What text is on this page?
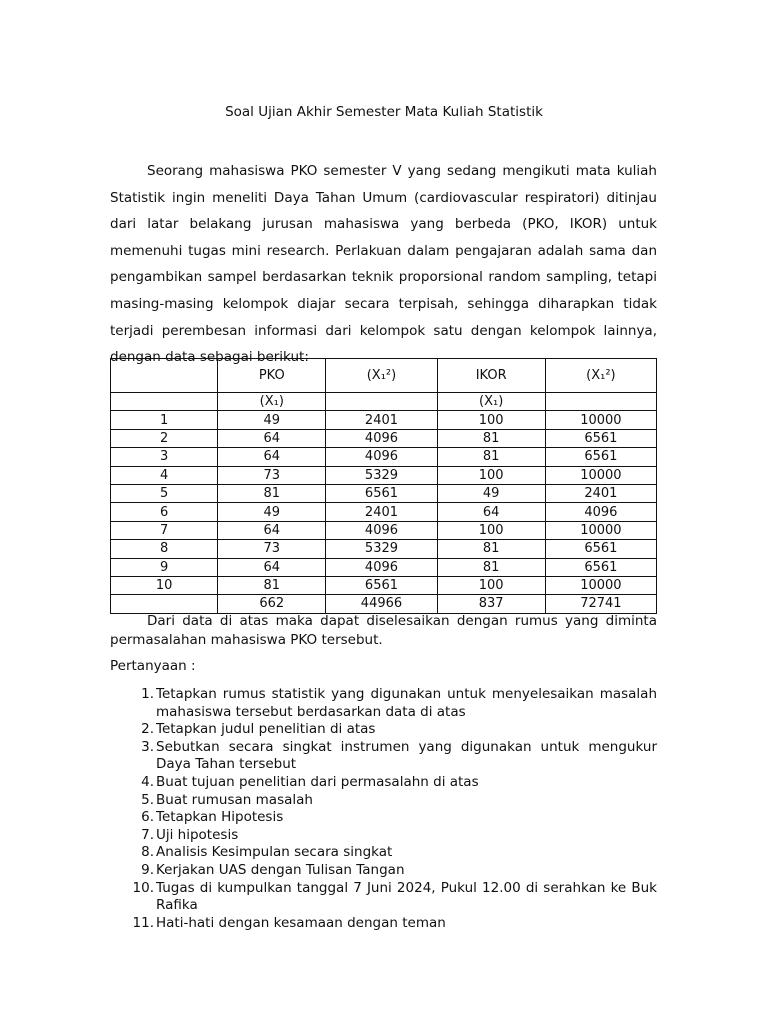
Soal Ujian Akhir Semester Mata Kuliah Statistik
Seorang mahasiswa PKO semester V yang sedang mengikuti mata kuliah Statistik ingin meneliti Daya Tahan Umum (cardiovascular respiratori) ditinjau dari latar belakang jurusan mahasiswa yang berbeda (PKO, IKOR) untuk memenuhi tugas mini research. Perlakuan dalam pengajaran adalah sama dan pengambikan sampel berdasarkan teknik proporsional random sampling, tetapi masing-masing kelompok diajar secara terpisah, sehingga diharapkan tidak terjadi perembesan informasi dari kelompok satu dengan kelompok lainnya, dengan data sebagai berikut:
	PKO	(X₁²)	IKOR	(X₁²)
	(X₁)		(X₁)	
1	49	2401	100	10000
2	64	4096	81	6561
3	64	4096	81	6561
4	73	5329	100	10000
5	81	6561	49	2401
6	49	2401	64	4096
7	64	4096	100	10000
8	73	5329	81	6561
9	64	4096	81	6561
10	81	6561	100	10000
	662	44966	837	72741
Dari data di atas maka dapat diselesaikan dengan rumus yang diminta permasalahan mahasiswa PKO tersebut.
Pertanyaan :
1. Tetapkan rumus statistik yang digunakan untuk menyelesaikan masalah mahasiswa tersebut berdasarkan data di atas
2. Tetapkan judul penelitian di atas
3. Sebutkan secara singkat instrumen yang digunakan untuk mengukur Daya Tahan tersebut
4. Buat tujuan penelitian dari permasalahn di atas
5. Buat rumusan masalah
6. Tetapkan Hipotesis
7. Uji hipotesis
8. Analisis Kesimpulan secara singkat
9. Kerjakan UAS dengan Tulisan Tangan
10. Tugas di kumpulkan tanggal 7 Juni 2024, Pukul 12.00 di serahkan ke Buk Rafika
11. Hati-hati dengan kesamaan dengan teman
